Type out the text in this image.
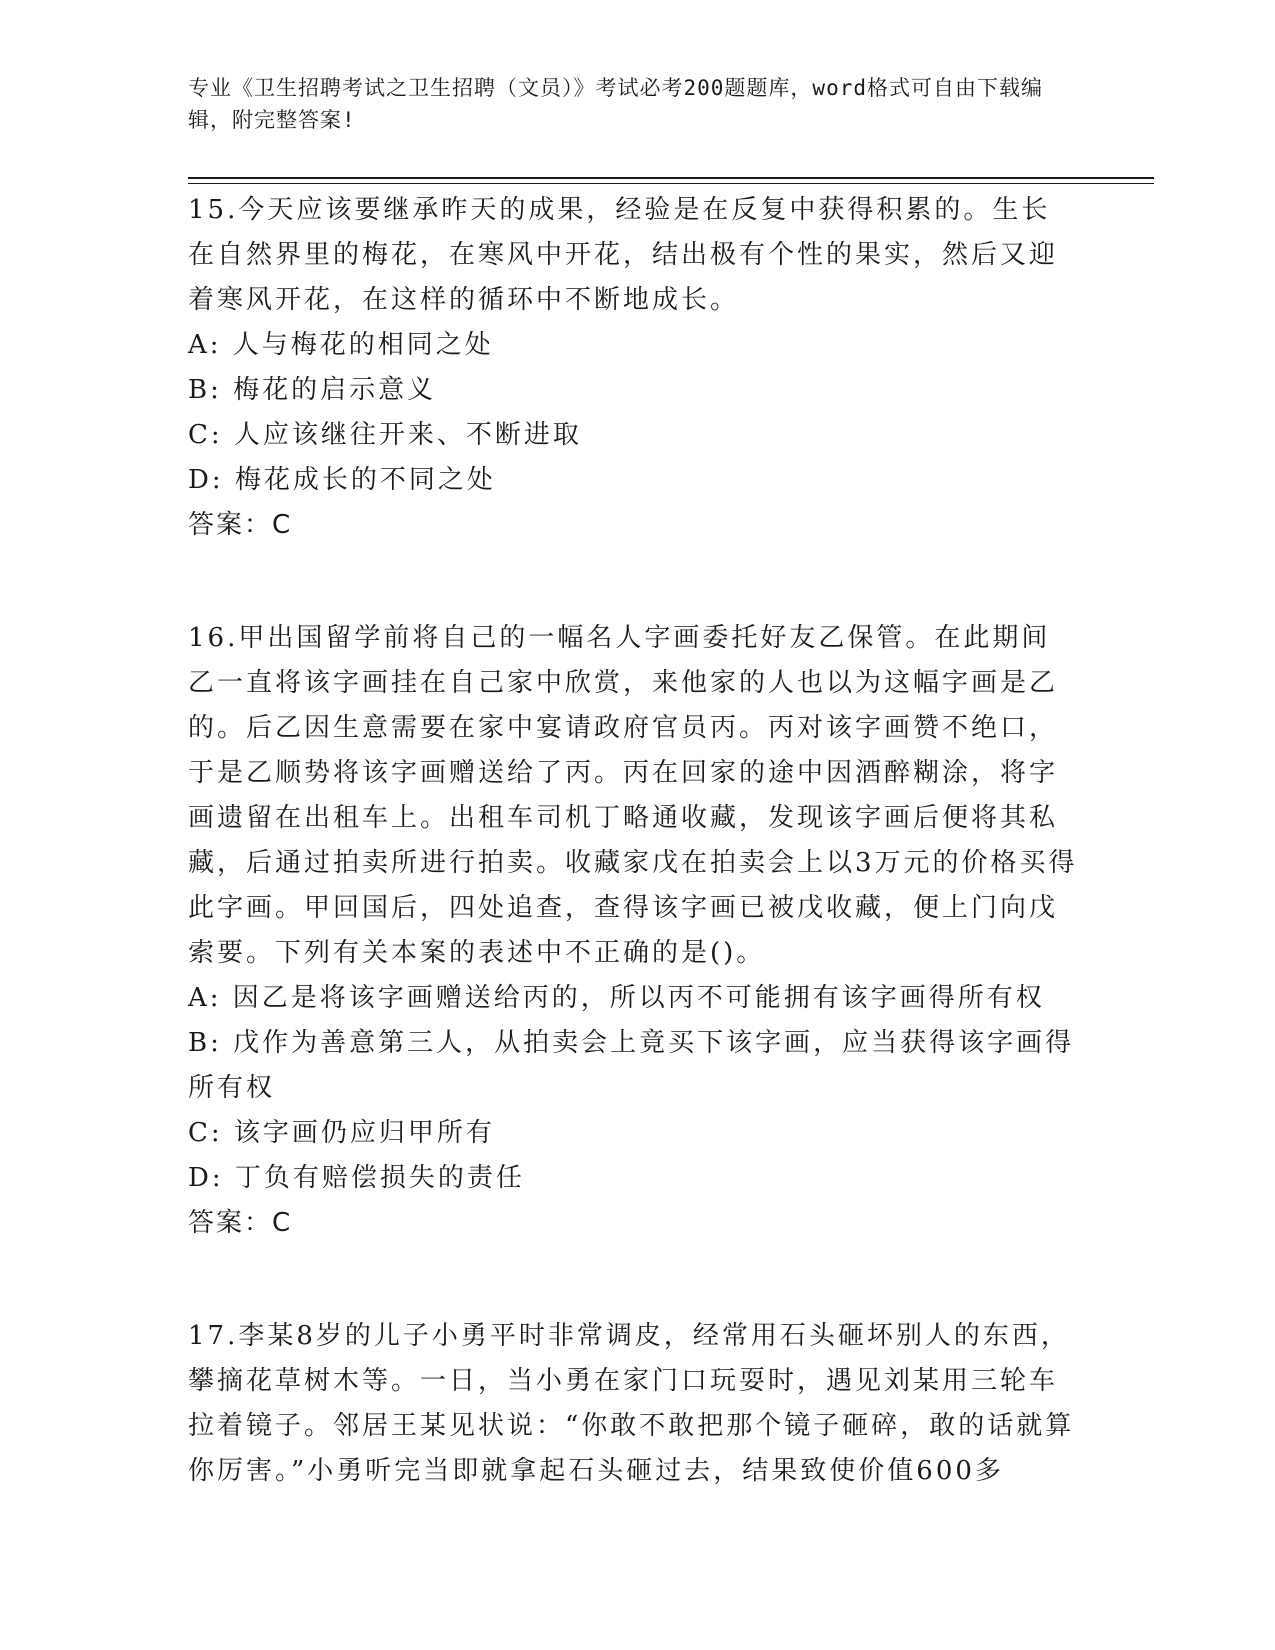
专业《卫生招聘考试之卫生招聘（文员）》考试必考200题题库，word格式可自由下载编辑，附完整答案!

15.今天应该要继承昨天的成果，经验是在反复中获得积累的。生长在自然界里的梅花，在寒风中开花，结出极有个性的果实，然后又迎着寒风开花，在这样的循环中不断地成长。

A: 人与梅花的相同之处

B: 梅花的启示意义

C: 人应该继往开来、不断进取

D: 梅花成长的不同之处

答案：C

16.甲出国留学前将自己的一幅名人字画委托好友乙保管。在此期间乙一直将该字画挂在自己家中欣赏，来他家的人也以为这幅字画是乙的。后乙因生意需要在家中宴请政府官员丙。丙对该字画赞不绝口，于是乙顺势将该字画赠送给了丙。丙在回家的途中因酒醉糊涂，将字画遗留在出租车上。出租车司机丁略通收藏，发现该字画后便将其私藏，后通过拍卖所进行拍卖。收藏家戊在拍卖会上以3万元的价格买得此字画。甲回国后，四处追查，查得该字画已被戊收藏，便上门向戊索要。下列有关本案的表述中不正确的是()。

A: 因乙是将该字画赠送给丙的，所以丙不可能拥有该字画得所有权

B: 戊作为善意第三人，从拍卖会上竟买下该字画，应当获得该字画得所有权

C: 该字画仍应归甲所有

D: 丁负有赔偿损失的责任

答案：C

17.李某8岁的儿子小勇平时非常调皮，经常用石头砸坏别人的东西，攀摘花草树木等。一日，当小勇在家门口玩耍时，遇见刘某用三轮车拉着镜子。邻居王某见状说：“你敢不敢把那个镜子砸碎，敢的话就算你厉害。”小勇听完当即就拿起石头砸过去，结果致使价值600多
